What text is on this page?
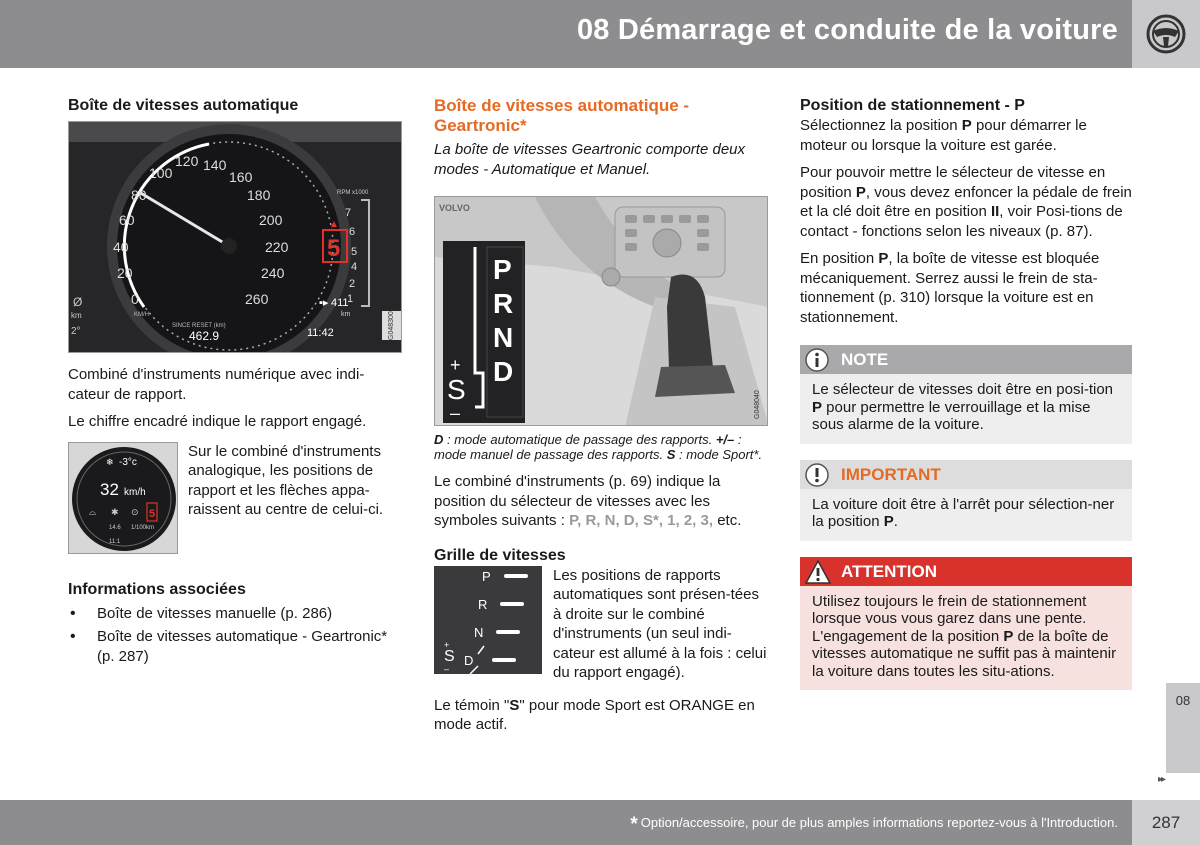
08 Démarrage et conduite de la voiture
Boîte de vitesses automatique
0
20
40
60
80
100
120 140
160
180
200
220
240
260
KM/H
SINCE RESET (km)
462.9
Ø
km
2°
RPM x1000
7
6
5
4
2
1
5
▲
▪▸ 411
km
11:42	G048300

Combiné d'instruments numérique avec indi-cateur de rapport.

Le chiffre encadré indique le rapport engagé.

❄ -3°c
32 km/h
⌓ ✱ ⊙ 5
14.6 1/100km
11:1
Sur le combiné d'instruments analogique, les positions de rapport et les flèches appa-raissent au centre de celui-ci.
Informations associées
• Boîte de vitesses manuelle (p. 286)
• Boîte de vitesses automatique - Geartronic* (p. 287)
Boîte de vitesses automatique - Geartronic*

La boîte de vitesses Geartronic comporte deux modes - Automatique et Manuel.

VOLVO
P
R
N
D
+
S
–	G048040
D : mode automatique de passage des rapports. +/– : mode manuel de passage des rapports. S : mode Sport*.

Le combiné d'instruments (p. 69) indique la position du sélecteur de vitesses avec les symboles suivants : P, R, N, D, S*, 1, 2, 3, etc.

Grille de vitesses
P
R
N
D
S
+
–
Les positions de rapports automatiques sont présen-tées à droite sur le combiné d'instruments (un seul indi-cateur est allumé à la fois : celui du rapport engagé).

Le témoin "S" pour mode Sport est ORANGE en mode actif.

Position de stationnement - P

Sélectionnez la position P pour démarrer le moteur ou lorsque la voiture est garée.

Pour pouvoir mettre le sélecteur de vitesse en position P, vous devez enfoncer la pédale de frein et la clé doit être en position II, voir Posi-tions de contact - fonctions selon les niveaux (p. 87).

En position P, la boîte de vitesse est bloquée mécaniquement. Serrez aussi le frein de sta-tionnement (p. 310) lorsque la voiture est en stationnement.

NOTE
Le sélecteur de vitesses doit être en posi-tion P pour permettre le verrouillage et la mise sous alarme de la voiture.
IMPORTANT
La voiture doit être à l'arrêt pour sélection-ner la position P.
ATTENTION
Utilisez toujours le frein de stationnement lorsque vous vous garez dans une pente. L'engagement de la position P de la boîte de vitesses automatique ne suffit pas à maintenir la voiture dans toutes les situ-ations.
08
▸▸
* Option/accessoire, pour de plus amples informations reportez-vous à l'Introduction.	287
